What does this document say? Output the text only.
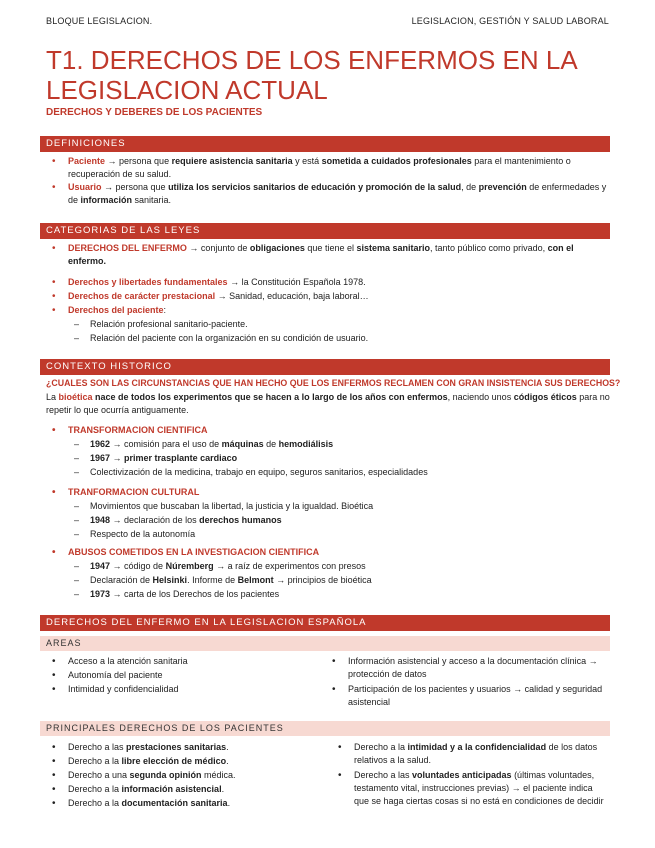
BLOQUE LEGISLACION.	LEGISLACION, GESTIÓN Y SALUD LABORAL
T1. DERECHOS DE LOS ENFERMOS EN LA LEGISLACION ACTUAL
DERECHOS Y DEBERES DE LOS PACIENTES
DEFINICIONES
• Paciente → persona que requiere asistencia sanitaria y está sometida a cuidados profesionales para el mantenimiento o recuperación de su salud.
• Usuario → persona que utiliza los servicios sanitarios de educación y promoción de la salud, de prevención de enfermedades y de información sanitaria.
CATEGORIAS DE LAS LEYES
• DERECHOS DEL ENFERMO → conjunto de obligaciones que tiene el sistema sanitario, tanto público como privado, con el enfermo.
• Derechos y libertades fundamentales → la Constitución Española 1978.
• Derechos de carácter prestacional → Sanidad, educación, baja laboral…
• Derechos del paciente:
– Relación profesional sanitario-paciente.
– Relación del paciente con la organización en su condición de usuario.
CONTEXTO HISTORICO
¿CUALES SON LAS CIRCUNSTANCIAS QUE HAN HECHO QUE LOS ENFERMOS RECLAMEN CON GRAN INSISTENCIA SUS DERECHOS?
La bioética nace de todos los experimentos que se hacen a lo largo de los años con enfermos, naciendo unos códigos éticos para no repetir lo que ocurría antiguamente.
• TRANSFORMACION CIENTIFICA
– 1962 → comisión para el uso de máquinas de hemodiálisis
– 1967 → primer trasplante cardiaco
– Colectivización de la medicina, trabajo en equipo, seguros sanitarios, especialidades
• TRANFORMACION CULTURAL
– Movimientos que buscaban la libertad, la justicia y la igualdad. Bioética
– 1948 → declaración de los derechos humanos
– Respecto de la autonomía
• ABUSOS COMETIDOS EN LA INVESTIGACION CIENTIFICA
– 1947 → código de Núremberg → a raíz de experimentos con presos
– Declaración de Helsinki. Informe de Belmont → principios de bioética
– 1973 → carta de los Derechos de los pacientes
DERECHOS DEL ENFERMO EN LA LEGISLACION ESPAÑOLA
AREAS
• Acceso a la atención sanitaria
• Autonomía del paciente
• Intimidad y confidencialidad
• Información asistencial y acceso a la documentación clínica → protección de datos
• Participación de los pacientes y usuarios → calidad y seguridad asistencial
PRINCIPALES DERECHOS DE LOS PACIENTES
• Derecho a las prestaciones sanitarias.
• Derecho a la libre elección de médico.
• Derecho a una segunda opinión médica.
• Derecho a la información asistencial.
• Derecho a la documentación sanitaria.
• Derecho a la intimidad y a la confidencialidad de los datos relativos a la salud.
• Derecho a las voluntades anticipadas (últimas voluntades, testamento vital, instrucciones previas) → el paciente indica que se haga ciertas cosas si no está en condiciones de decidir
